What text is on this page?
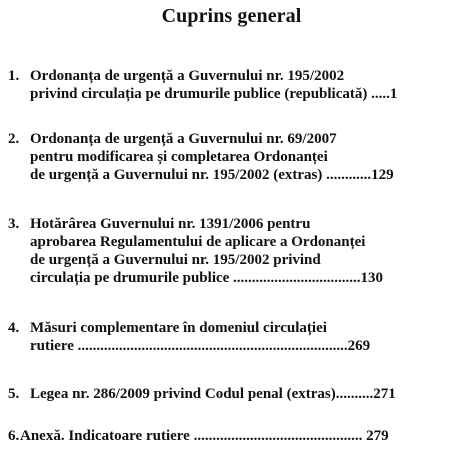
Cuprins general
1. Ordonanța de urgență a Guvernului nr. 195/2002
privind circulația pe drumurile publice (republicată) .....1
2. Ordonanța de urgență a Guvernului nr. 69/2007
pentru modificarea și completarea Ordonanței
de urgență a Guvernului nr. 195/2002 (extras) ............129
3. Hotărârea Guvernului nr. 1391/2006 pentru
aprobarea Regulamentului de aplicare a Ordonanței
de urgență a Guvernului nr. 195/2002 privind
circulația pe drumurile publice ..................................130
4. Măsuri complementare în domeniul circulației
rutiere ........................................................................269
5. Legea nr. 286/2009 privind Codul penal (extras)..........271
6. Anexă. Indicatoare rutiere ............................................. 279
